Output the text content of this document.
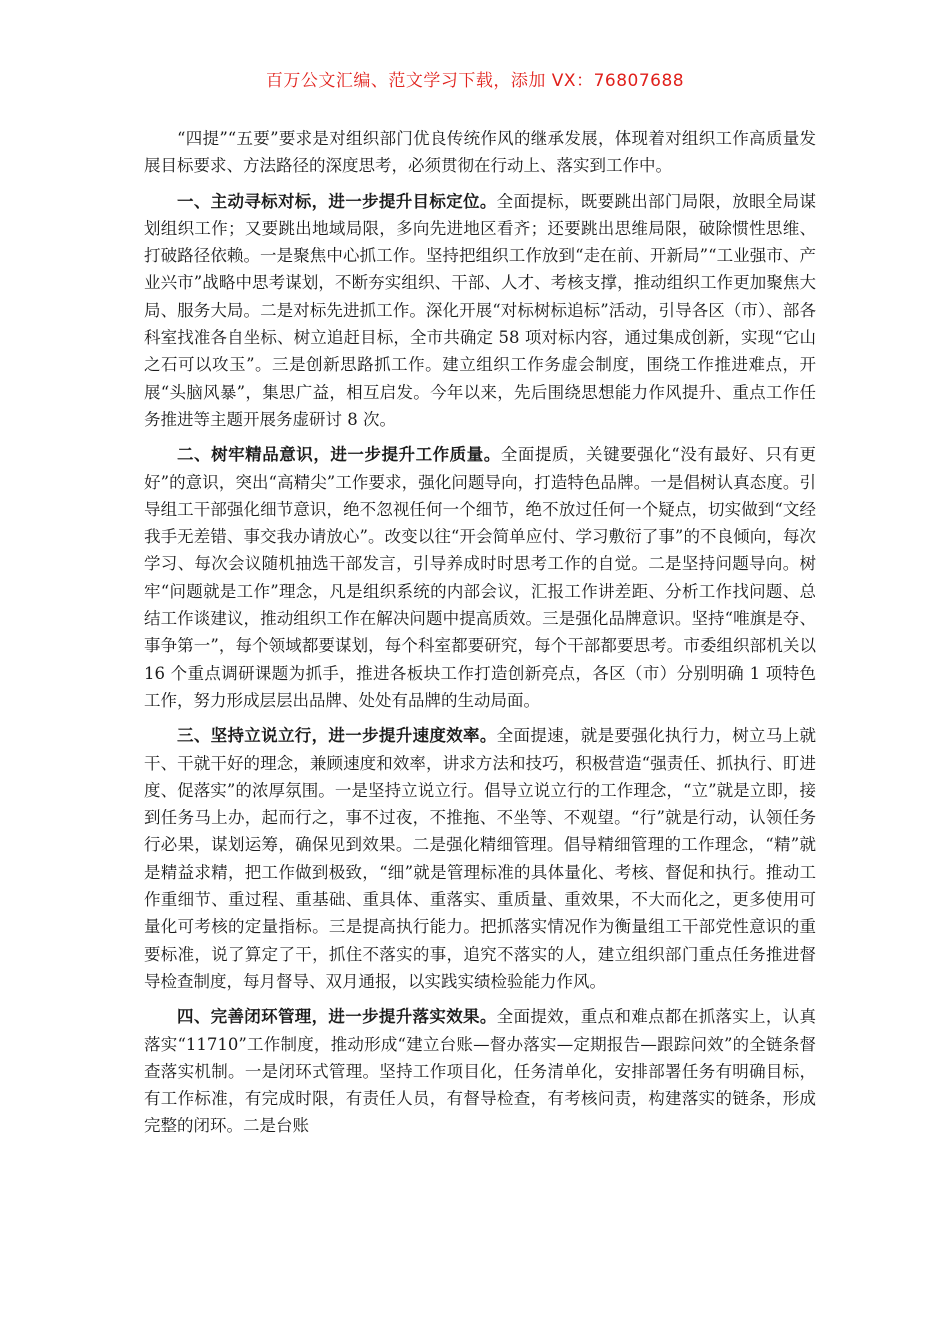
百万公文汇编、范文学习下载，添加 VX：76807688

“四提”“五要”要求是对组织部门优良传统作风的继承发展，体现着对组织工作高质量发展目标要求、方法路径的深度思考，必须贯彻在行动上、落实到工作中。

一、主动寻标对标，进一步提升目标定位。全面提标，既要跳出部门局限，放眼全局谋划组织工作；又要跳出地域局限，多向先进地区看齐；还要跳出思维局限，破除惯性思维、打破路径依赖。一是聚焦中心抓工作。坚持把组织工作放到“走在前、开新局”“工业强市、产业兴市”战略中思考谋划，不断夯实组织、干部、人才、考核支撑，推动组织工作更加聚焦大局、服务大局。二是对标先进抓工作。深化开展“对标树标追标”活动，引导各区（市）、部各科室找准各自坐标、树立追赶目标，全市共确定 58 项对标内容，通过集成创新，实现“它山之石可以攻玉”。三是创新思路抓工作。建立组织工作务虚会制度，围绕工作推进难点，开展“头脑风暴”，集思广益，相互启发。今年以来，先后围绕思想能力作风提升、重点工作任务推进等主题开展务虚研讨 8 次。

二、树牢精品意识，进一步提升工作质量。全面提质，关键要强化“没有最好、只有更好”的意识，突出“高精尖”工作要求，强化问题导向，打造特色品牌。一是倡树认真态度。引导组工干部强化细节意识，绝不忽视任何一个细节，绝不放过任何一个疑点，切实做到“文经我手无差错、事交我办请放心”。改变以往“开会简单应付、学习敷衍了事”的不良倾向，每次学习、每次会议随机抽选干部发言，引导养成时时思考工作的自觉。二是坚持问题导向。树牢“问题就是工作”理念，凡是组织系统的内部会议，汇报工作讲差距、分析工作找问题、总结工作谈建议，推动组织工作在解决问题中提高质效。三是强化品牌意识。坚持“唯旗是夺、事争第一”，每个领域都要谋划，每个科室都要研究，每个干部都要思考。市委组织部机关以 16 个重点调研课题为抓手，推进各板块工作打造创新亮点，各区（市）分别明确 1 项特色工作，努力形成层层出品牌、处处有品牌的生动局面。

三、坚持立说立行，进一步提升速度效率。全面提速，就是要强化执行力，树立马上就干、干就干好的理念，兼顾速度和效率，讲求方法和技巧，积极营造“强责任、抓执行、盯进度、促落实”的浓厚氛围。一是坚持立说立行。倡导立说立行的工作理念，“立”就是立即，接到任务马上办，起而行之，事不过夜，不推拖、不坐等、不观望。“行”就是行动，认领任务行必果，谋划运筹，确保见到效果。二是强化精细管理。倡导精细管理的工作理念，“精”就是精益求精，把工作做到极致，“细”就是管理标准的具体量化、考核、督促和执行。推动工作重细节、重过程、重基础、重具体、重落实、重质量、重效果，不大而化之，更多使用可量化可考核的定量指标。三是提高执行能力。把抓落实情况作为衡量组工干部党性意识的重要标准，说了算定了干，抓住不落实的事，追究不落实的人，建立组织部门重点任务推进督导检查制度，每月督导、双月通报，以实践实绩检验能力作风。

四、完善闭环管理，进一步提升落实效果。全面提效，重点和难点都在抓落实上，认真落实“11710”工作制度，推动形成“建立台账—督办落实—定期报告—跟踪问效”的全链条督查落实机制。一是闭环式管理。坚持工作项目化，任务清单化，安排部署任务有明确目标，有工作标准，有完成时限，有责任人员，有督导检查，有考核问责，构建落实的链条，形成完整的闭环。二是台账
